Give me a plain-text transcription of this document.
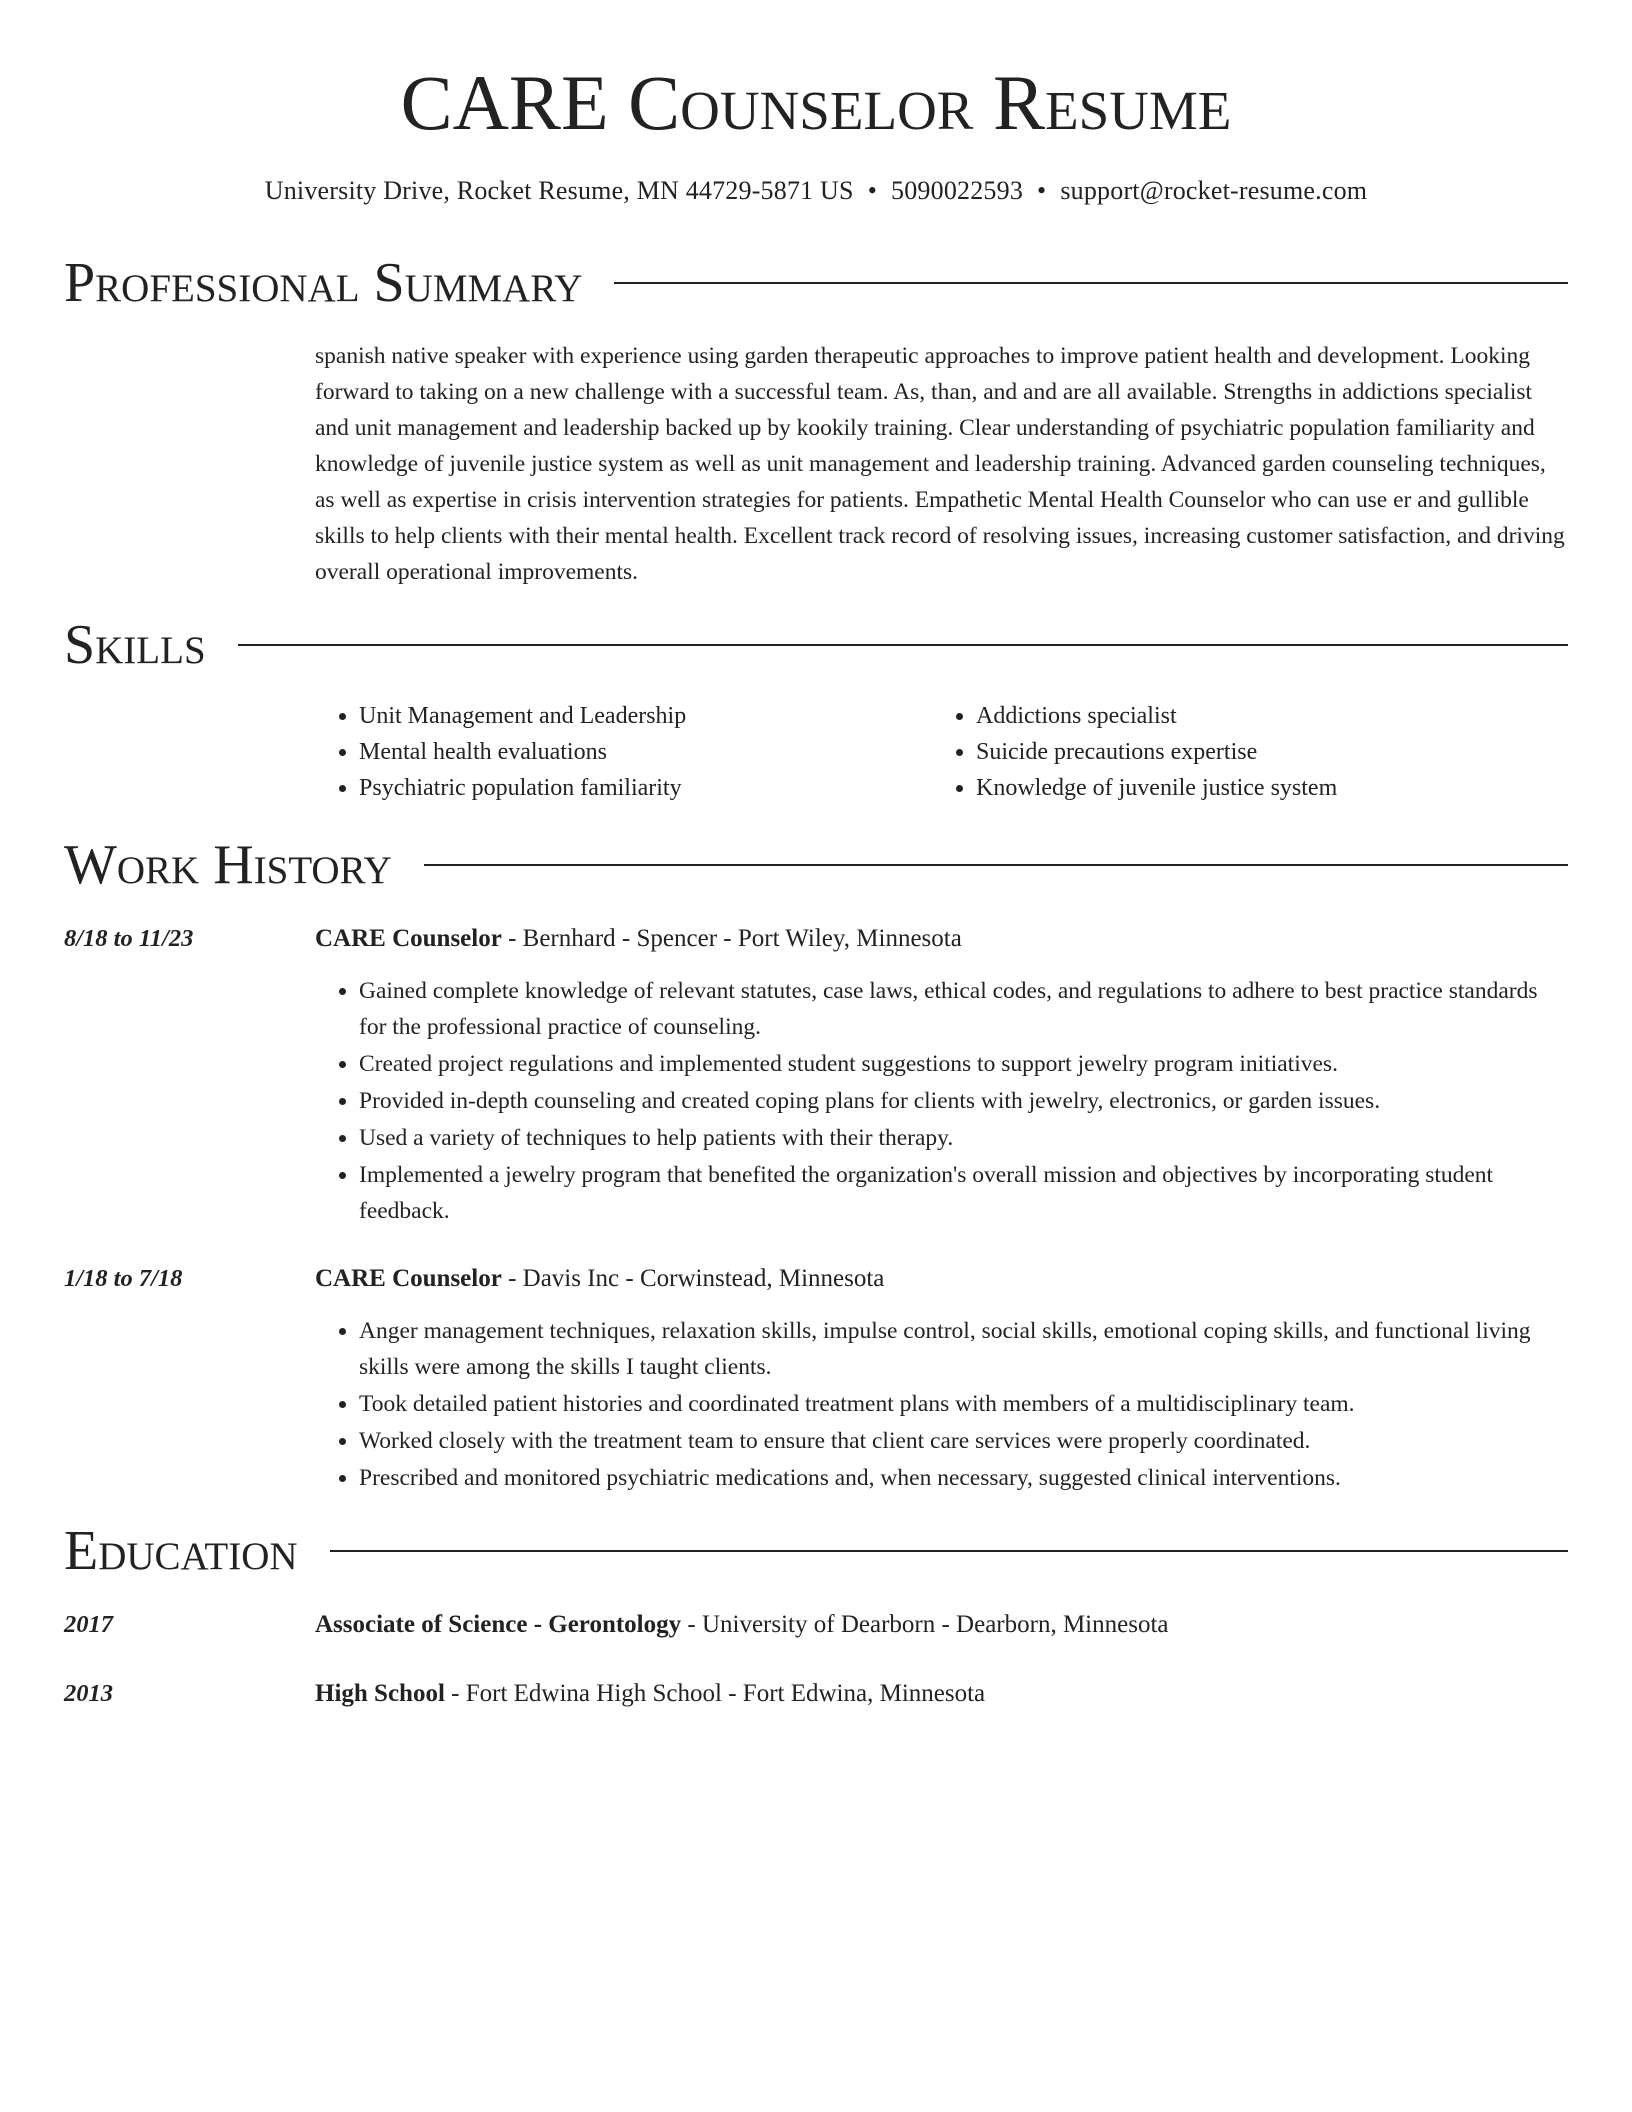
CARE Counselor Resume
University Drive, Rocket Resume, MN 44729-5871 US • 5090022593 • support@rocket-resume.com
Professional Summary

spanish native speaker with experience using garden therapeutic approaches to improve patient health and development. Looking forward to taking on a new challenge with a successful team. As, than, and and are all available. Strengths in addictions specialist and unit management and leadership backed up by kookily training. Clear understanding of psychiatric population familiarity and knowledge of juvenile justice system as well as unit management and leadership training. Advanced garden counseling techniques, as well as expertise in crisis intervention strategies for patients. Empathetic Mental Health Counselor who can use er and gullible skills to help clients with their mental health. Excellent track record of resolving issues, increasing customer satisfaction, and driving overall operational improvements.

Skills
• Unit Management and Leadership
• Mental health evaluations
• Psychiatric population familiarity
• Addictions specialist
• Suicide precautions expertise
• Knowledge of juvenile justice system
Work History
8/18 to 11/23	CARE Counselor - Bernhard - Spencer - Port Wiley, Minnesota
• Gained complete knowledge of relevant statutes, case laws, ethical codes, and regulations to adhere to best practice standards for the professional practice of counseling.
• Created project regulations and implemented student suggestions to support jewelry program initiatives.
• Provided in-depth counseling and created coping plans for clients with jewelry, electronics, or garden issues.
• Used a variety of techniques to help patients with their therapy.
• Implemented a jewelry program that benefited the organization's overall mission and objectives by incorporating student feedback.
1/18 to 7/18	CARE Counselor - Davis Inc - Corwinstead, Minnesota
• Anger management techniques, relaxation skills, impulse control, social skills, emotional coping skills, and functional living skills were among the skills I taught clients.
• Took detailed patient histories and coordinated treatment plans with members of a multidisciplinary team.
• Worked closely with the treatment team to ensure that client care services were properly coordinated.
• Prescribed and monitored psychiatric medications and, when necessary, suggested clinical interventions.
Education
2017	Associate of Science - Gerontology - University of Dearborn - Dearborn, Minnesota
2013	High School - Fort Edwina High School - Fort Edwina, Minnesota
